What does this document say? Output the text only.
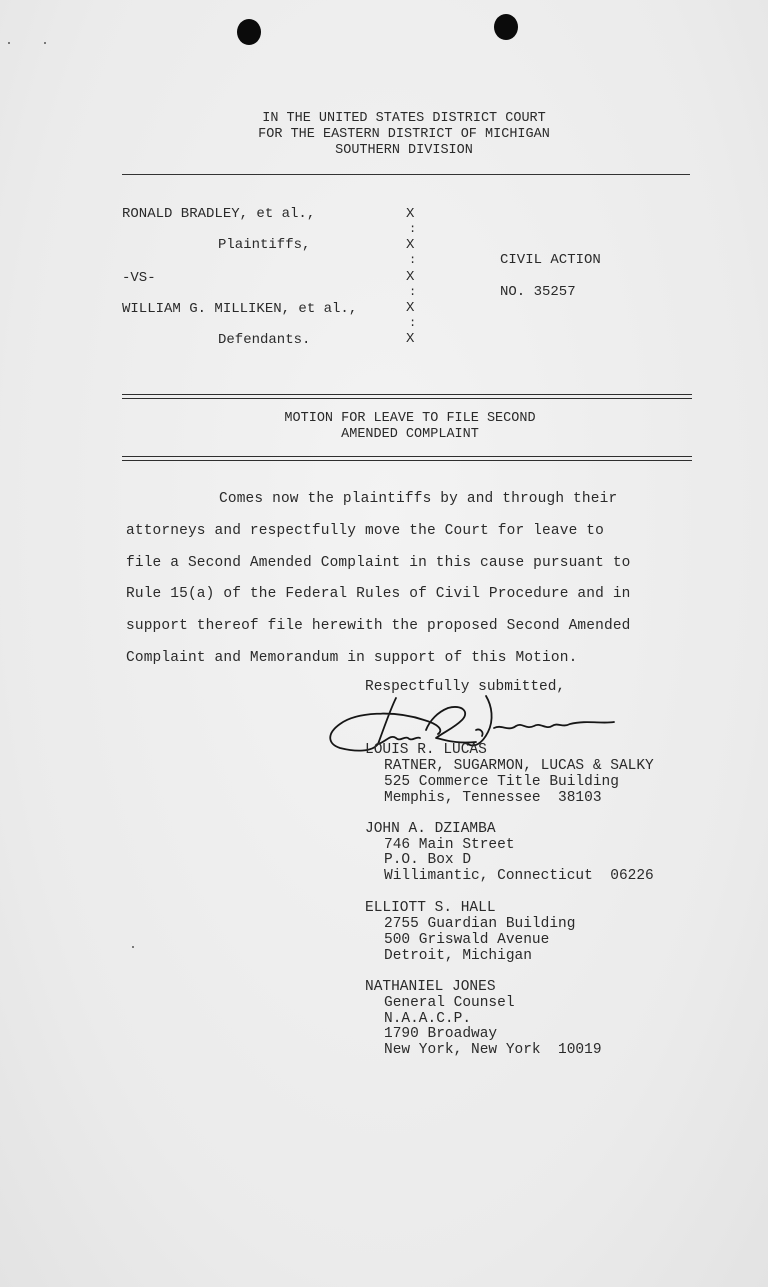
IN THE UNITED STATES DISTRICT COURT
FOR THE EASTERN DISTRICT OF MICHIGAN
SOUTHERN DIVISION
RONALD BRADLEY, et al.,
Plaintiffs,
-VS-
WILLIAM G. MILLIKEN, et al.,
Defendants.
X
:
X
:
X
:
X
:
X
CIVIL ACTION
NO. 35257
MOTION FOR LEAVE TO FILE SECOND
AMENDED COMPLAINT
Comes now the plaintiffs by and through their
attorneys and respectfully move the Court for leave to
file a Second Amended Complaint in this cause pursuant to
Rule 15(a) of the Federal Rules of Civil Procedure and in
support thereof file herewith the proposed Second Amended
Complaint and Memorandum in support of this Motion.
Respectfully submitted,
LOUIS R. LUCAS
RATNER, SUGARMON, LUCAS & SALKY
525 Commerce Title Building
Memphis, Tennessee  38103
JOHN A. DZIAMBA
746 Main Street
P.O. Box D
Willimantic, Connecticut  06226
ELLIOTT S. HALL
2755 Guardian Building
500 Griswald Avenue
Detroit, Michigan
NATHANIEL JONES
General Counsel
N.A.A.C.P.
1790 Broadway
New York, New York  10019
